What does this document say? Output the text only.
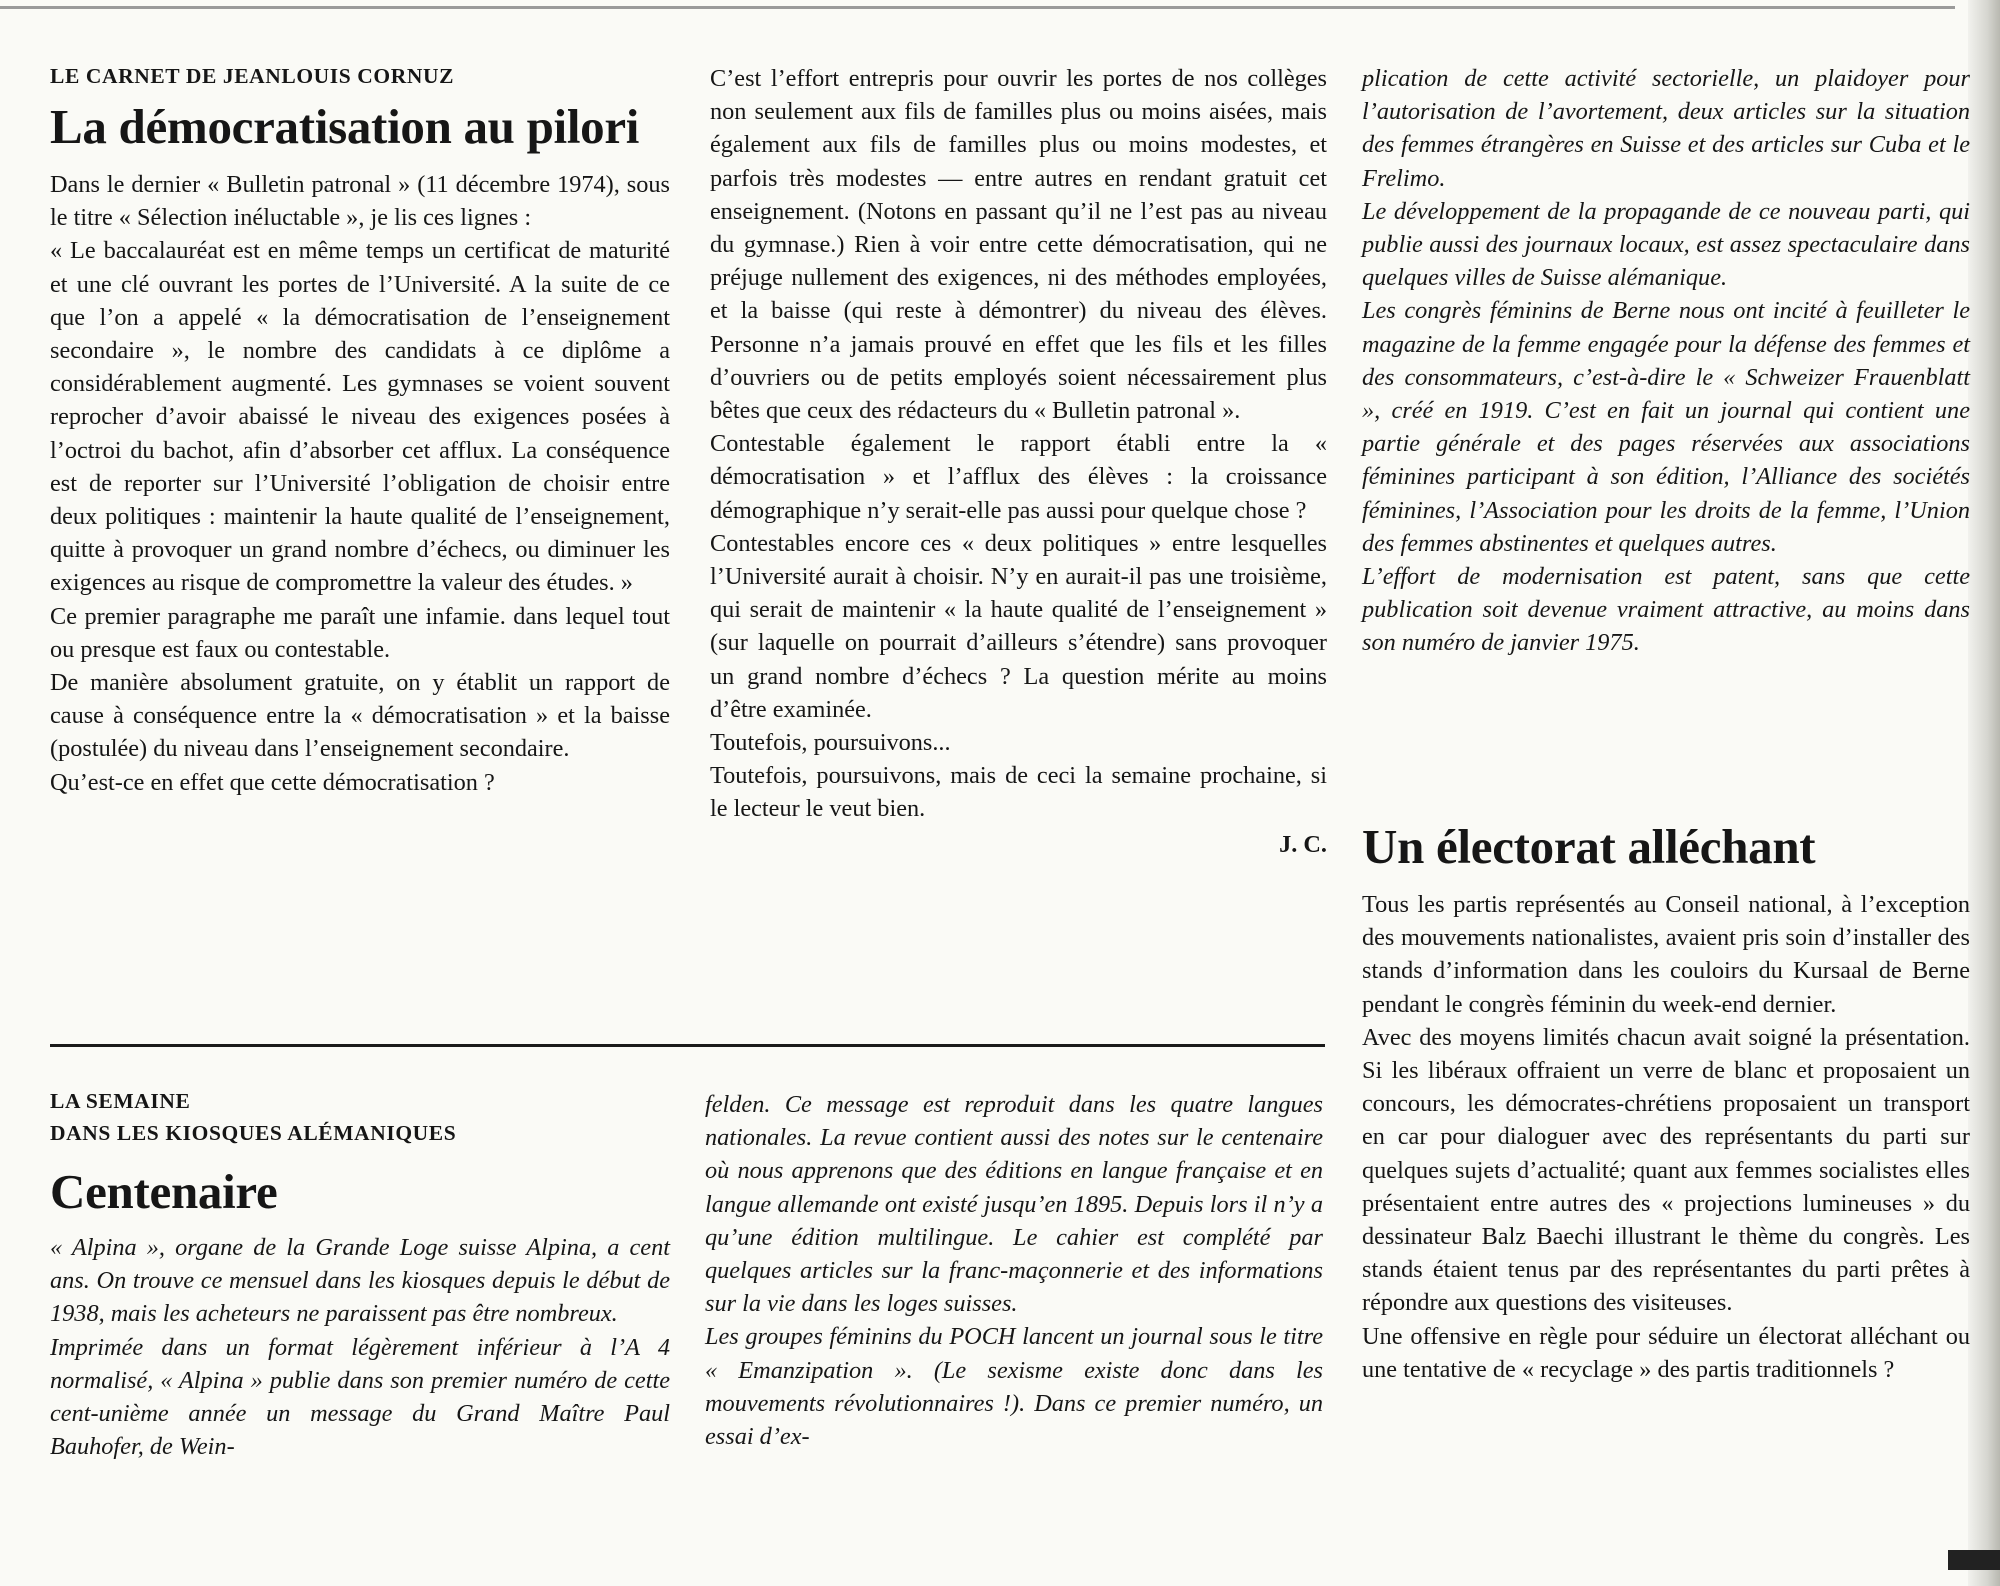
LE CARNET DE JEANLOUIS CORNUZ
La démocratisation au pilori

Dans le dernier « Bulletin patronal » (11 décembre 1974), sous le titre « Sélection inéluctable », je lis ces lignes :

« Le baccalauréat est en même temps un certificat de maturité et une clé ouvrant les portes de l’Université. A la suite de ce que l’on a appelé « la démocratisation de l’enseignement secondaire », le nombre des candidats à ce diplôme a considérablement augmenté. Les gymnases se voient souvent reprocher d’avoir abaissé le niveau des exigences posées à l’octroi du bachot, afin d’absorber cet afflux. La conséquence est de reporter sur l’Université l’obligation de choisir entre deux politiques : maintenir la haute qualité de l’enseignement, quitte à provoquer un grand nombre d’échecs, ou diminuer les exigences au risque de compromettre la valeur des études. »

Ce premier paragraphe me paraît une infamie. dans lequel tout ou presque est faux ou contestable.

De manière absolument gratuite, on y établit un rapport de cause à conséquence entre la « démocratisation » et la baisse (postulée) du niveau dans l’enseignement secondaire.

Qu’est-ce en effet que cette démocratisation ?

C’est l’effort entrepris pour ouvrir les portes de nos collèges non seulement aux fils de familles plus ou moins aisées, mais également aux fils de familles plus ou moins modestes, et parfois très modestes — entre autres en rendant gratuit cet enseignement. (Notons en passant qu’il ne l’est pas au niveau du gymnase.) Rien à voir entre cette démocratisation, qui ne préjuge nullement des exigences, ni des méthodes employées, et la baisse (qui reste à démontrer) du niveau des élèves. Personne n’a jamais prouvé en effet que les fils et les filles d’ouvriers ou de petits employés soient nécessairement plus bêtes que ceux des rédacteurs du « Bulletin patronal ».

Contestable également le rapport établi entre la « démocratisation » et l’afflux des élèves : la croissance démographique n’y serait-elle pas aussi pour quelque chose ?

Contestables encore ces « deux politiques » entre lesquelles l’Université aurait à choisir. N’y en aurait-il pas une troisième, qui serait de maintenir « la haute qualité de l’enseignement » (sur laquelle on pourrait d’ailleurs s’étendre) sans provoquer un grand nombre d’échecs ? La question mérite au moins d’être examinée.

Toutefois, poursuivons...

Toutefois, poursuivons, mais de ceci la semaine prochaine, si le lecteur le veut bien.

J. C.

plication de cette activité sectorielle, un plaidoyer pour l’autorisation de l’avortement, deux articles sur la situation des femmes étrangères en Suisse et des articles sur Cuba et le Frelimo.

Le développement de la propagande de ce nouveau parti, qui publie aussi des journaux locaux, est assez spectaculaire dans quelques villes de Suisse alémanique.

Les congrès féminins de Berne nous ont incité à feuilleter le magazine de la femme engagée pour la défense des femmes et des consommateurs, c’est-à-dire le « Schweizer Frauenblatt », créé en 1919. C’est en fait un journal qui contient une partie générale et des pages réservées aux associations féminines participant à son édition, l’Alliance des sociétés féminines, l’Association pour les droits de la femme, l’Union des femmes abstinentes et quelques autres.

L’effort de modernisation est patent, sans que cette publication soit devenue vraiment attractive, au moins dans son numéro de janvier 1975.

Un électorat alléchant

Tous les partis représentés au Conseil national, à l’exception des mouvements nationalistes, avaient pris soin d’installer des stands d’information dans les couloirs du Kursaal de Berne pendant le congrès féminin du week-end dernier.

Avec des moyens limités chacun avait soigné la présentation. Si les libéraux offraient un verre de blanc et proposaient un concours, les démocrates-chrétiens proposaient un transport en car pour dialoguer avec des représentants du parti sur quelques sujets d’actualité; quant aux femmes socialistes elles présentaient entre autres des « projections lumineuses » du dessinateur Balz Baechi illustrant le thème du congrès. Les stands étaient tenus par des représentantes du parti prêtes à répondre aux questions des visiteuses.

Une offensive en règle pour séduire un électorat alléchant ou une tentative de « recyclage » des partis traditionnels ?

LA SEMAINE
DANS LES KIOSQUES ALÉMANIQUES
Centenaire

« Alpina », organe de la Grande Loge suisse Alpina, a cent ans. On trouve ce mensuel dans les kiosques depuis le début de 1938, mais les acheteurs ne paraissent pas être nombreux.

Imprimée dans un format légèrement inférieur à l’A 4 normalisé, « Alpina » publie dans son premier numéro de cette cent-unième année un message du Grand Maître Paul Bauhofer, de Wein-

felden. Ce message est reproduit dans les quatre langues nationales. La revue contient aussi des notes sur le centenaire où nous apprenons que des éditions en langue française et en langue allemande ont existé jusqu’en 1895. Depuis lors il n’y a qu’une édition multilingue. Le cahier est complété par quelques articles sur la franc-maçonnerie et des informations sur la vie dans les loges suisses.

Les groupes féminins du POCH lancent un journal sous le titre « Emanzipation ». (Le sexisme existe donc dans les mouvements révolutionnaires !). Dans ce premier numéro, un essai d’ex-
